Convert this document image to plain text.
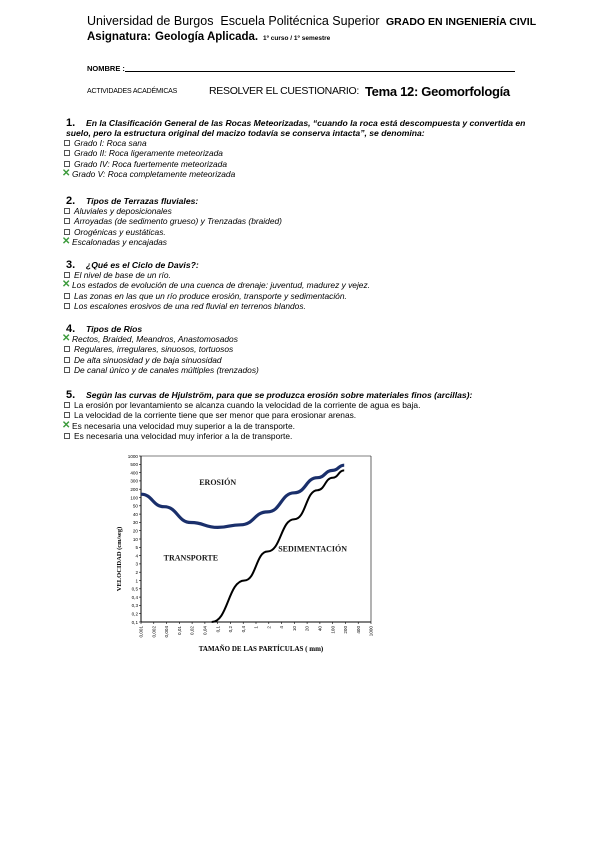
Universidad de Burgos Escuela Politécnica Superior GRADO EN INGENIERÍA CIVIL
Asignatura: Geología Aplicada. 1º curso / 1º semestre
NOMBRE :
ACTIVIDADES ACADÉMICAS	RESOLVER EL CUESTIONARIO: Tema 12: Geomorfología
1. En la Clasificación General de las Rocas Meteorizadas, “cuando la roca está descompuesta y convertida en
suelo, pero la estructura original del macizo todavía se conserva intacta”, se denomina:
Grado I: Roca sana
Grado II: Roca ligeramente meteorizada
Grado IV: Roca fuertemente meteorizada
✕ Grado V: Roca completamente meteorizada
2. Tipos de Terrazas fluviales:
Aluviales y deposicionales
Arroyadas (de sedimento grueso) y Trenzadas (braided)
Orogénicas y eustáticas.
✕ Escalonadas y encajadas
3. ¿Qué es el Ciclo de Davis?:
El nivel de base de un río.
✕ Los estados de evolución de una cuenca de drenaje: juventud, madurez y vejez.
Las zonas en las que un río produce erosión, transporte y sedimentación.
Los escalones erosivos de una red fluvial en terrenos blandos.
4. Tipos de Ríos
✕ Rectos, Braided, Meandros, Anastomosados
Regulares, irregulares, sinuosos, tortuosos
De alta sinuosidad y de baja sinuosidad
De canal único y de canales múltiples (trenzados)
5. Según las curvas de Hjulström, para que se produzca erosión sobre materiales finos (arcillas):
La erosión por levantamiento se alcanza cuando la velocidad de la corriente de agua es baja.
La velocidad de la corriente tiene que ser menor que para erosionar arenas.
✕ Es necesaria una velocidad muy superior a la de transporte.
Es necesaria una velocidad muy inferior a la de transporte.
1000
500
400
300
200
100
50
40
30
20
10
5
4
3
2
1
0,5
0,4
0,3
0,2
0,1
0,001 0,002 0,004 0,01 0,02 0,04 0,1 0,2 0,4 1 2 4 10 20 40 100 200 400 1000
EROSIÓN
TRANSPORTE
SEDIMENTACIÓN
TAMAÑO DE LAS PARTÍCULAS ( mm)
VELOCIDAD (cm/seg)
